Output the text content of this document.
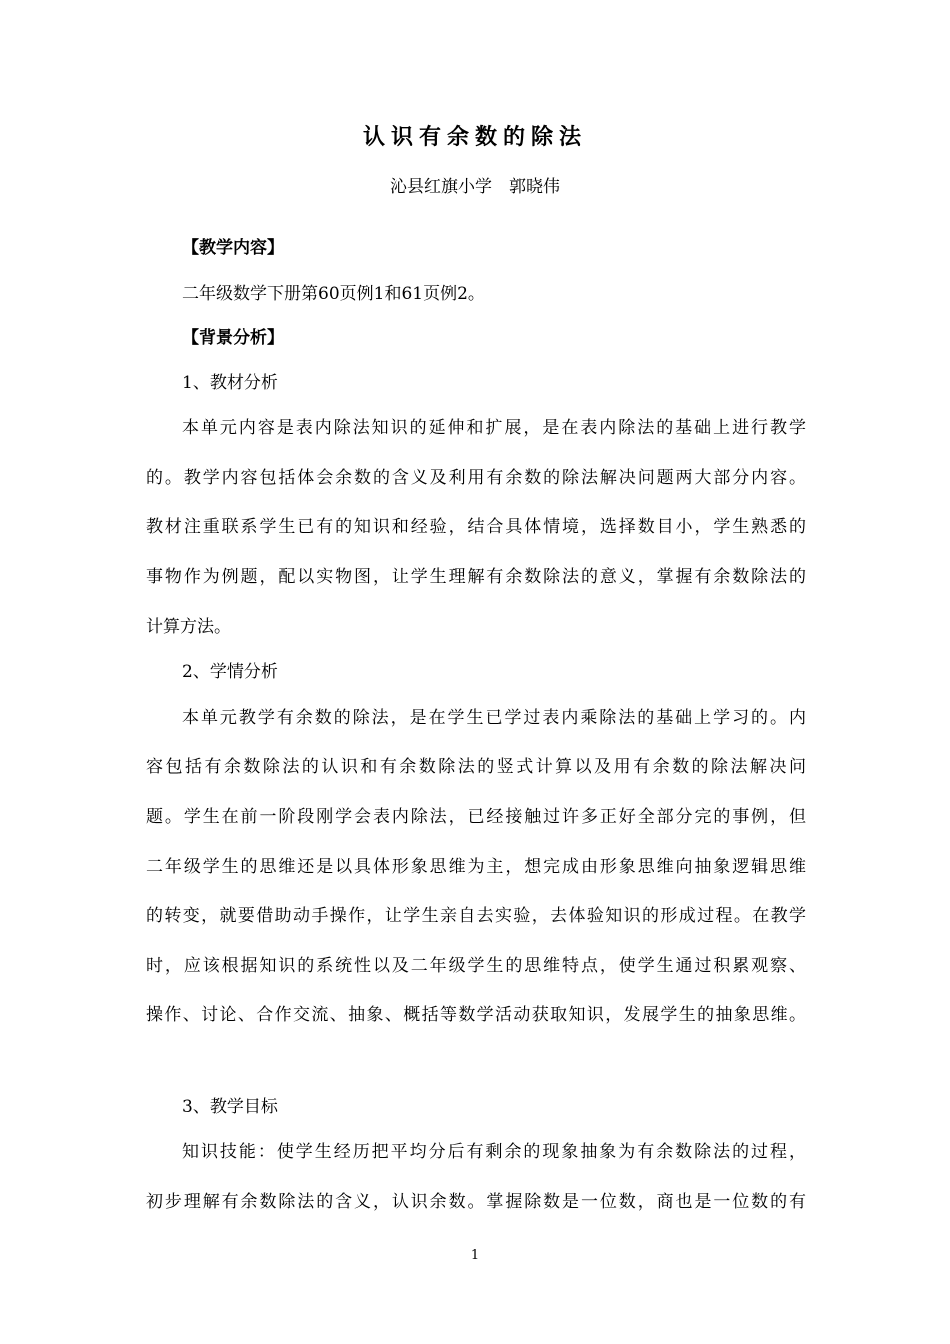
认识有余数的除法
沁县红旗小学　郭晓伟
【教学内容】
二年级数学下册第60页例1和61页例2。
【背景分析】
1、教材分析
本单元内容是表内除法知识的延伸和扩展，是在表内除法的基础上进行教学
的。教学内容包括体会余数的含义及利用有余数的除法解决问题两大部分内容。
教材注重联系学生已有的知识和经验，结合具体情境，选择数目小，学生熟悉的
事物作为例题，配以实物图，让学生理解有余数除法的意义，掌握有余数除法的
计算方法。
2、学情分析
本单元教学有余数的除法，是在学生已学过表内乘除法的基础上学习的。内
容包括有余数除法的认识和有余数除法的竖式计算以及用有余数的除法解决问
题。学生在前一阶段刚学会表内除法，已经接触过许多正好全部分完的事例，但
二年级学生的思维还是以具体形象思维为主，想完成由形象思维向抽象逻辑思维
的转变，就要借助动手操作，让学生亲自去实验，去体验知识的形成过程。在教学
时，应该根据知识的系统性以及二年级学生的思维特点，使学生通过积累观察、
操作、讨论、合作交流、抽象、概括等数学活动获取知识，发展学生的抽象思维。
3、教学目标
知识技能：使学生经历把平均分后有剩余的现象抽象为有余数除法的过程，
初步理解有余数除法的含义，认识余数。掌握除数是一位数，商也是一位数的有
1
